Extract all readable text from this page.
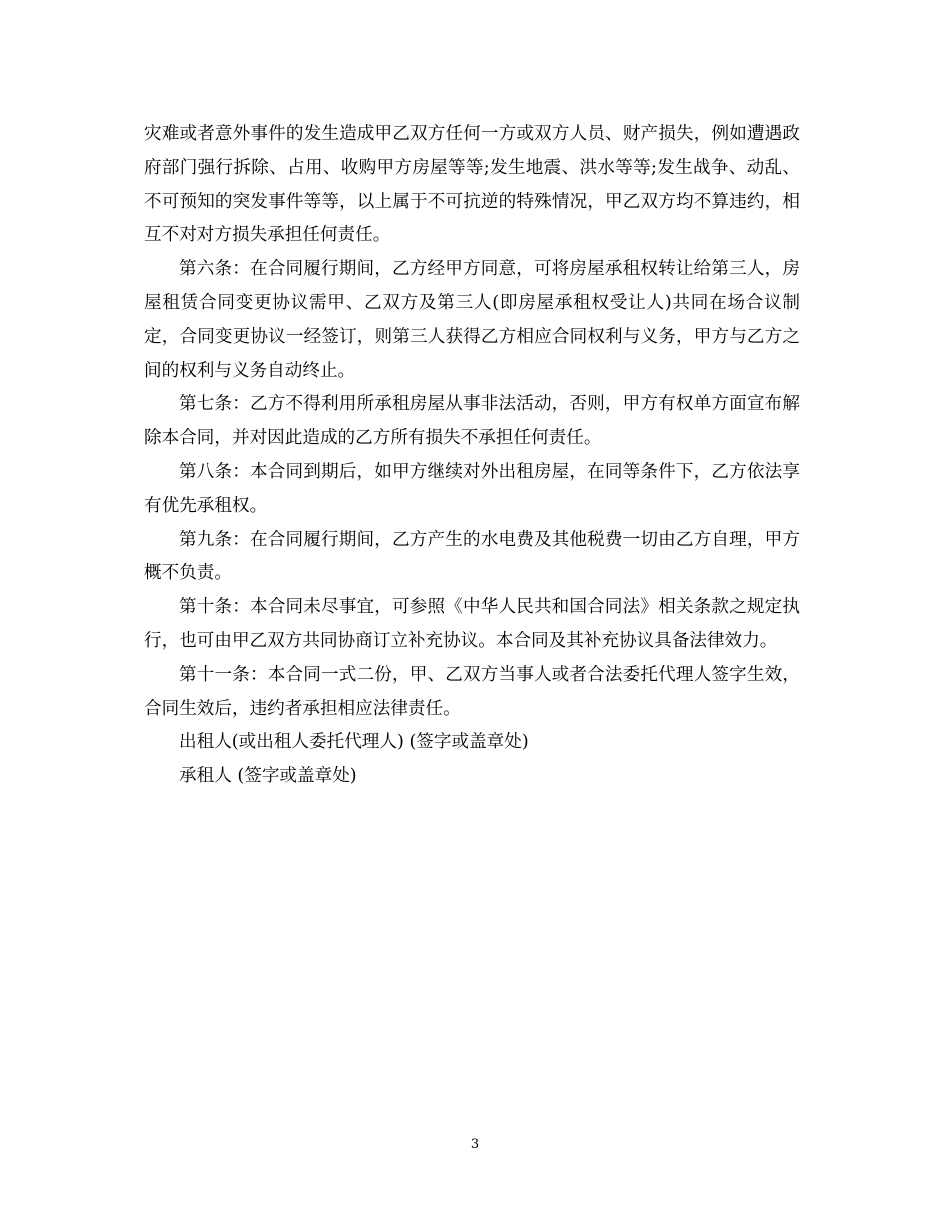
灾难或者意外事件的发生造成甲乙双方任何一方或双方人员、财产损失，例如遭遇政府部门强行拆除、占用、收购甲方房屋等等;发生地震、洪水等等;发生战争、动乱、不可预知的突发事件等等，以上属于不可抗逆的特殊情况，甲乙双方均不算违约，相互不对对方损失承担任何责任。

第六条：在合同履行期间，乙方经甲方同意，可将房屋承租权转让给第三人，房屋租赁合同变更协议需甲、乙双方及第三人(即房屋承租权受让人)共同在场合议制定，合同变更协议一经签订，则第三人获得乙方相应合同权利与义务，甲方与乙方之间的权利与义务自动终止。

第七条：乙方不得利用所承租房屋从事非法活动，否则，甲方有权单方面宣布解除本合同，并对因此造成的乙方所有损失不承担任何责任。

第八条：本合同到期后，如甲方继续对外出租房屋，在同等条件下，乙方依法享有优先承租权。

第九条：在合同履行期间，乙方产生的水电费及其他税费一切由乙方自理，甲方概不负责。

第十条：本合同未尽事宜，可参照《中华人民共和国合同法》相关条款之规定执行，也可由甲乙双方共同协商订立补充协议。本合同及其补充协议具备法律效力。

第十一条：本合同一式二份，甲、乙双方当事人或者合法委托代理人签字生效，合同生效后，违约者承担相应法律责任。

出租人(或出租人委托代理人) (签字或盖章处)

承租人 (签字或盖章处)

3
